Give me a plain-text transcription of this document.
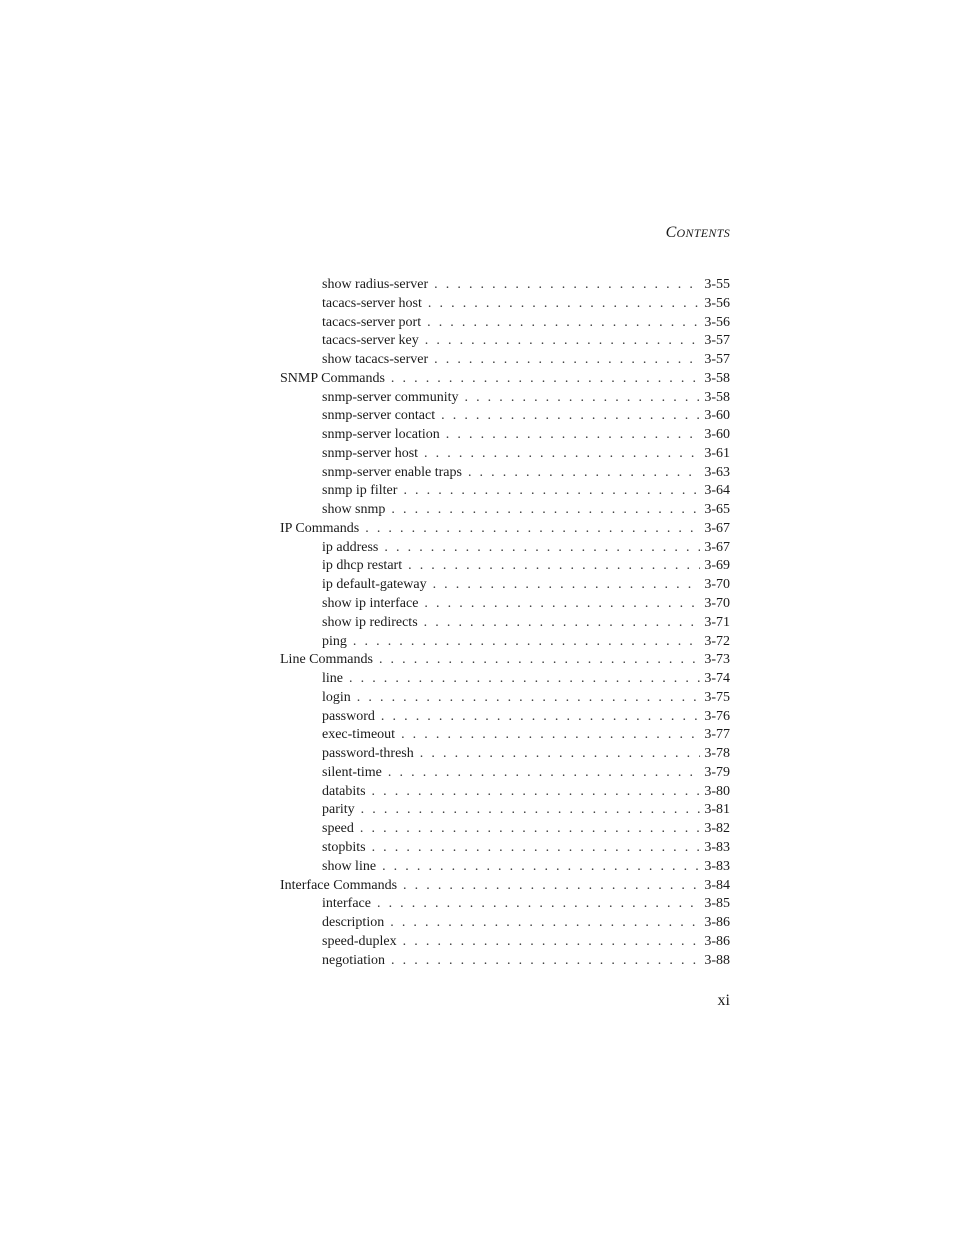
CONTENTS
show radius-server . . .	3-55
tacacs-server host . . .	3-56
tacacs-server port . . .	3-56
tacacs-server key . . .	3-57
show tacacs-server . . .	3-57
SNMP Commands . . .	3-58
snmp-server community . . .	3-58
snmp-server contact . . .	3-60
snmp-server location . . .	3-60
snmp-server host . . .	3-61
snmp-server enable traps . . .	3-63
snmp ip filter . . .	3-64
show snmp . . .	3-65
IP Commands . . .	3-67
ip address . . .	3-67
ip dhcp restart . . .	3-69
ip default-gateway . . .	3-70
show ip interface . . .	3-70
show ip redirects . . .	3-71
ping . . .	3-72
Line Commands . . .	3-73
line . . .	3-74
login . . .	3-75
password . . .	3-76
exec-timeout . . .	3-77
password-thresh . . .	3-78
silent-time . . .	3-79
databits . . .	3-80
parity . . .	3-81
speed . . .	3-82
stopbits . . .	3-83
show line . . .	3-83
Interface Commands . . .	3-84
interface . . .	3-85
description . . .	3-86
speed-duplex . . .	3-86
negotiation . . .	3-88
xi
